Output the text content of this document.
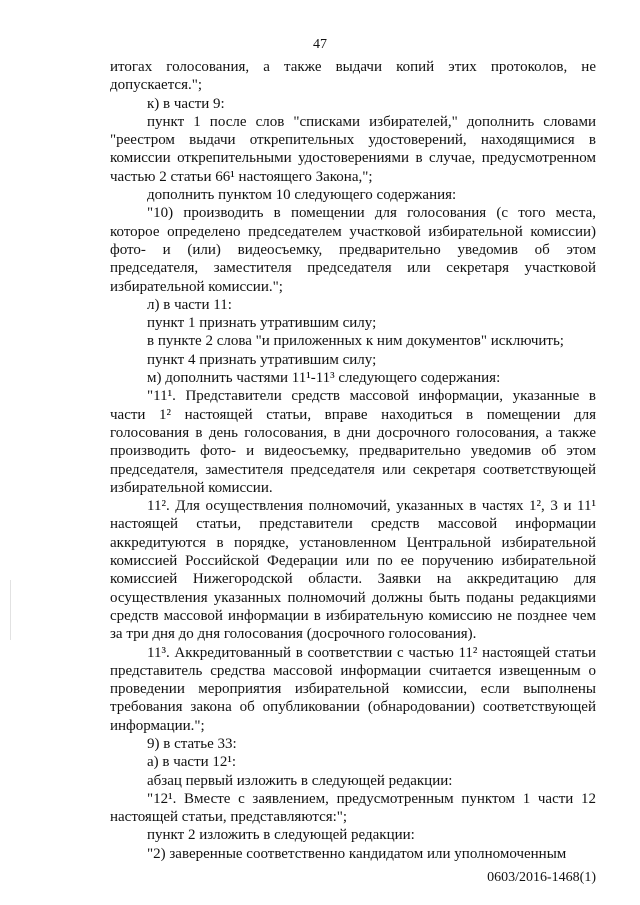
47

итогах голосования, а также выдачи копий этих протоколов, не допускается.";

к) в части 9:

пункт 1 после слов "списками избирателей," дополнить словами "реестром выдачи открепительных удостоверений, находящимися в комиссии открепительными удостоверениями в случае, предусмотренном частью 2 статьи 66¹ настоящего Закона,";

дополнить пунктом 10 следующего содержания:

"10) производить в помещении для голосования (с того места, которое определено председателем участковой избирательной комиссии) фото- и (или) видеосъемку, предварительно уведомив об этом председателя, заместителя председателя или секретаря участковой избирательной комиссии.";

л) в части 11:

пункт 1 признать утратившим силу;

в пункте 2 слова "и приложенных к ним документов" исключить;

пункт 4 признать утратившим силу;

м) дополнить частями 11¹-11³ следующего содержания:

"11¹. Представители средств массовой информации, указанные в части 1² настоящей статьи, вправе находиться в помещении для голосования в день голосования, в дни досрочного голосования, а также производить фото- и видеосъемку, предварительно уведомив об этом председателя, заместителя председателя или секретаря соответствующей избирательной комиссии.

11². Для осуществления полномочий, указанных в частях 1², 3 и 11¹ настоящей статьи, представители средств массовой информации аккредитуются в порядке, установленном Центральной избирательной комиссией Российской Федерации или по ее поручению избирательной комиссией Нижегородской области. Заявки на аккредитацию для осуществления указанных полномочий должны быть поданы редакциями средств массовой информации в избирательную комиссию не позднее чем за три дня до дня голосования (досрочного голосования).

11³. Аккредитованный в соответствии с частью 11² настоящей статьи представитель средства массовой информации считается извещенным о проведении мероприятия избирательной комиссии, если выполнены требования закона об опубликовании (обнародовании) соответствующей информации.";

9) в статье 33:

а) в части 12¹:

абзац первый изложить в следующей редакции:

"12¹. Вместе с заявлением, предусмотренным пунктом 1 части 12 настоящей статьи, представляются:";

пункт 2 изложить в следующей редакции:

"2) заверенные соответственно кандидатом или уполномоченным

0603/2016-1468(1)
